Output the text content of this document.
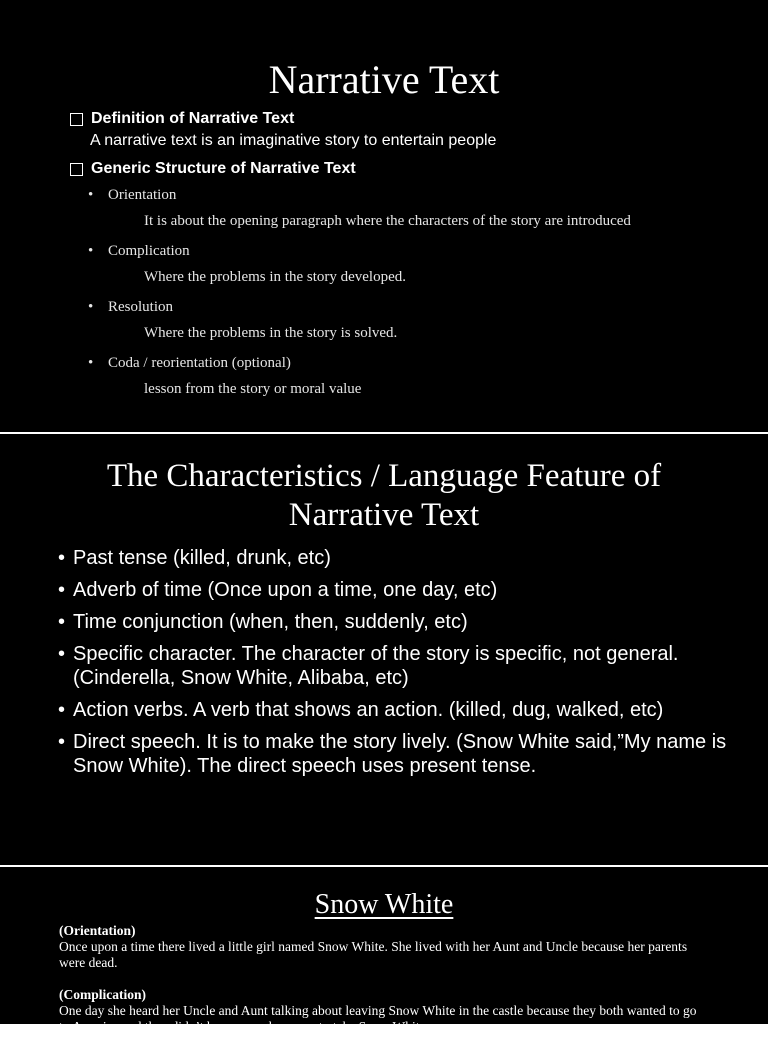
Narrative Text
Definition of Narrative Text
A narrative text is an imaginative story to entertain people
Generic Structure of Narrative Text
• Orientation
It is about the opening paragraph where the characters of the story are introduced
• Complication
Where the problems in the story developed.
• Resolution
Where the problems in the story is solved.
• Coda / reorientation (optional)
lesson from the story or moral value
The Characteristics / Language Feature of
Narrative Text
• Past tense (killed, drunk, etc)
• Adverb of time (Once upon a time, one day, etc)
• Time conjunction (when, then, suddenly, etc)
• Specific character. The character of the story is specific, not general. (Cinderella, Snow White, Alibaba, etc)
• Action verbs. A verb that shows an action. (killed, dug, walked, etc)
• Direct speech. It is to make the story lively. (Snow White said,”My name is Snow White). The direct speech uses present tense.
Snow White
(Orientation)
Once upon a time there lived a little girl named Snow White. She lived with her Aunt and Uncle because her parents were dead.
(Complication)
One day she heard her Uncle and Aunt talking about leaving Snow White in the castle because they both wanted to go to America and they didn’t have enough money to take Snow White.
